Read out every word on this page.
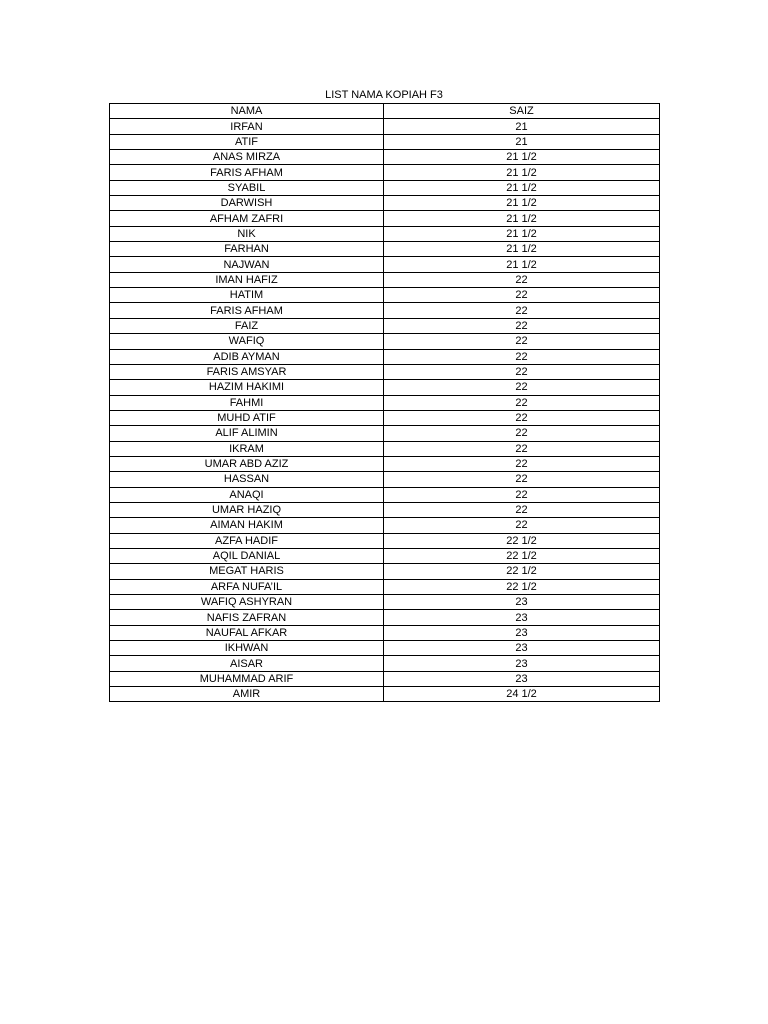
LIST NAMA KOPIAH F3
NAMA	SAIZ
IRFAN	21
ATIF	21
ANAS MIRZA	21 1/2
FARIS AFHAM	21 1/2
SYABIL	21 1/2
DARWISH	21 1/2
AFHAM ZAFRI	21 1/2
NIK	21 1/2
FARHAN	21 1/2
NAJWAN	21 1/2
IMAN HAFIZ	22
HATIM	22
FARIS AFHAM	22
FAIZ	22
WAFIQ	22
ADIB AYMAN	22
FARIS AMSYAR	22
HAZIM HAKIMI	22
FAHMI	22
MUHD ATIF	22
ALIF ALIMIN	22
IKRAM	22
UMAR ABD AZIZ	22
HASSAN	22
ANAQI	22
UMAR HAZIQ	22
AIMAN HAKIM	22
AZFA HADIF	22 1/2
AQIL DANIAL	22 1/2
MEGAT HARIS	22 1/2
ARFA NUFA’IL	22 1/2
WAFIQ ASHYRAN	23
NAFIS ZAFRAN	23
NAUFAL AFKAR	23
IKHWAN	23
AISAR	23
MUHAMMAD ARIF	23
AMIR	24 1/2
